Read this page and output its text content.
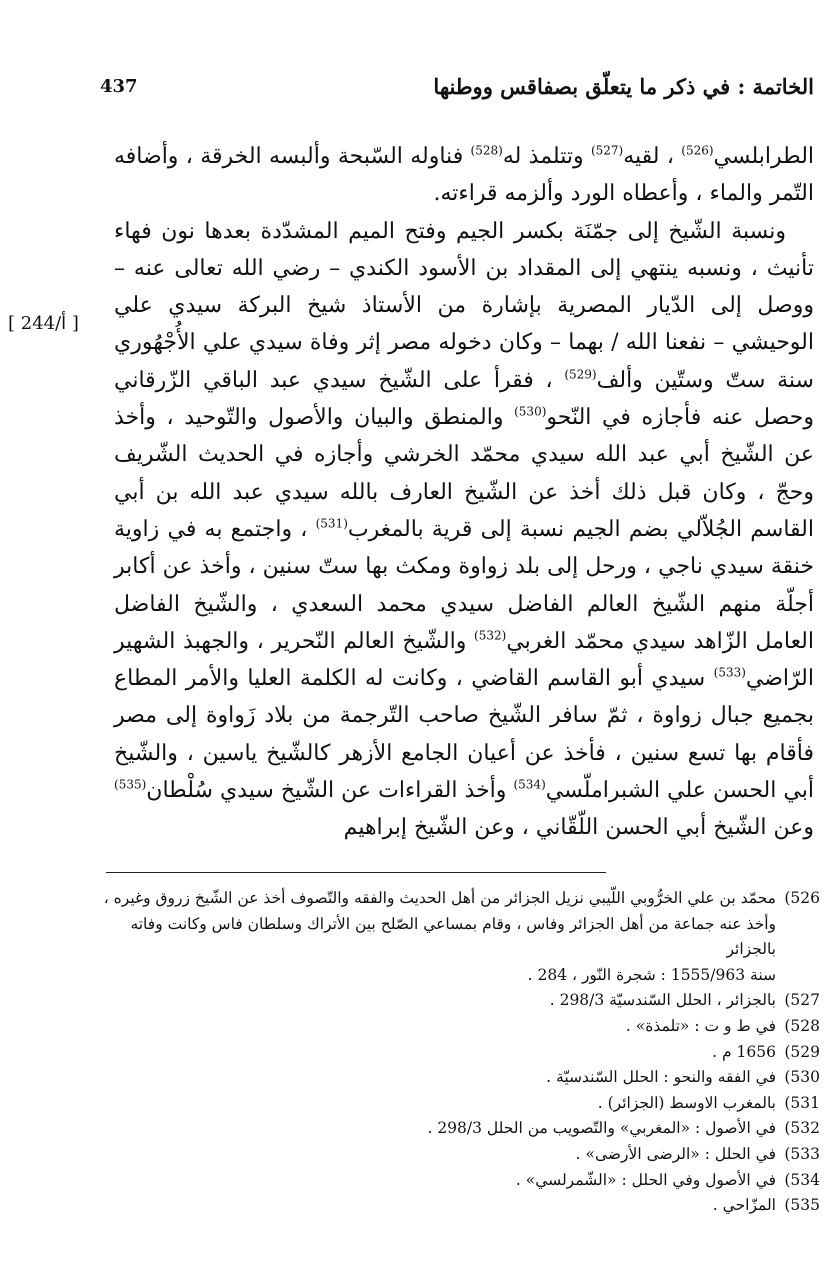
437	الخاتمة : في ذكر ما يتعلّق بصفاقس ووطنها
[ 244/أ ]

الطرابلسي$^{(526)}$ ، لقيه$^{(527)}$ وتتلمذ له$^{(528)}$ فناوله السّبحة وألبسه الخرقة ، وأضافه التّمر والماء ، وأعطاه الورد وألزمه قراءته.

ونسبة الشّيخ إلى جمّنَة بكسر الجيم وفتح الميم المشدّدة بعدها نون فهاء تأنيث ، ونسبه ينتهي إلى المقداد بن الأسود الكندي – رضي الله تعالى عنه – ووصل إلى الدّيار المصرية بإشارة من الأستاذ شيخ البركة سيدي علي الوحيشي – نفعنا الله / بهما – وكان دخوله مصر إثر وفاة سيدي علي الأُجْهُوري سنة ستّ وستّين وألف$^{(529)}$ ، فقرأ على الشّيخ سيدي عبد الباقي الزّرقاني وحصل عنه فأجازه في النّحو$^{(530)}$ والمنطق والبيان والأصول والتّوحيد ، وأخذ عن الشّيخ أبي عبد الله سيدي محمّد الخرشي وأجازه في الحديث الشّريف وحجّ ، وكان قبل ذلك أخذ عن الشّيخ العارف بالله سيدي عبد الله بن أبي القاسم الجُلاّلي بضم الجيم نسبة إلى قرية بالمغرب$^{(531)}$ ، واجتمع به في زاوية خنقة سيدي ناجي ، ورحل إلى بلد زواوة ومكث بها ستّ سنين ، وأخذ عن أكابر أجلّة منهم الشّيخ العالم الفاضل سيدي محمد السعدي ، والشّيخ الفاضل العامل الزّاهد سيدي محمّد الغربي$^{(532)}$ والشّيخ العالم النّحرير ، والجهبذ الشهير الرّاضي$^{(533)}$ سيدي أبو القاسم القاضي ، وكانت له الكلمة العليا والأمر المطاع بجميع جبال زواوة ، ثمّ سافر الشّيخ صاحب التّرجمة من بلاد زَواوة إلى مصر فأقام بها تسع سنين ، فأخذ عن أعيان الجامع الأزهر كالشّيخ ياسين ، والشّيخ أبي الحسن علي الشبراملّسي$^{(534)}$ وأخذ القراءات عن الشّيخ سيدي سُلْطان$^{(535)}$ وعن الشّيخ أبي الحسن اللّقّاني ، وعن الشّيخ إبراهيم

(526
محمّد بن علي الخرُّوبي اللّيبي نزيل الجزائر من أهل الحديث والفقه والتّصوف أخذ عن الشّيخ زروق وغيره ،
وأخذ عنه جماعة من أهل الجزائر وفاس ، وقام بمساعي الصّلح بين الأتراك وسلطان فاس وكانت وفاته بالجزائر
سنة 1555/963 : شجرة النّور ، 284 .
(527
بالجزائر ، الحلل السّندسيّة 298/3 .
(528
في ط و ت : «تلمذة» .
(529
1656 م .
(530
في الفقه والنحو : الحلل السّندسيّة .
(531
بالمغرب الاوسط (الجزائر) .
(532
في الأصول : «المغربي» والتّصويب من الحلل 298/3 .
(533
في الحلل : «الرضى الأرضى» .
(534
في الأصول وفي الحلل : «الشّمرلسي» .
(535
المزّاحي .
